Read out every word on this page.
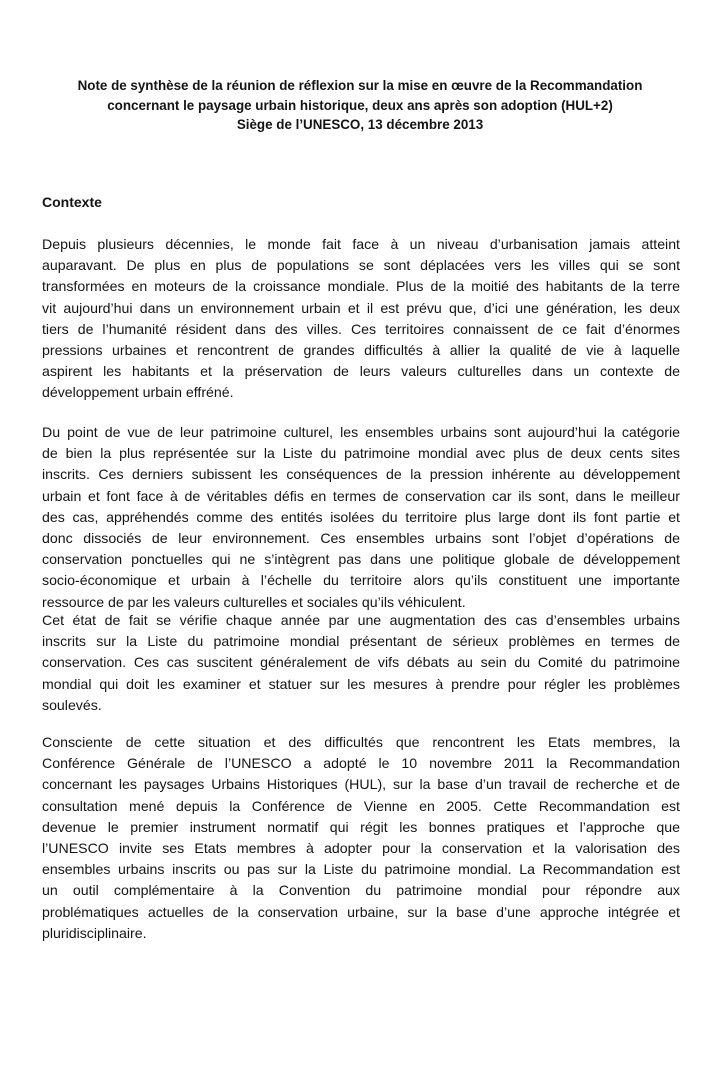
Note de synthèse de la réunion de réflexion sur la mise en œuvre de la Recommandation
concernant le paysage urbain historique, deux ans après son adoption (HUL+2)
Siège de l’UNESCO, 13 décembre 2013
Contexte

Depuis plusieurs décennies, le monde fait face à un niveau d’urbanisation jamais atteint
auparavant. De plus en plus de populations se sont déplacées vers les villes qui se sont
transformées en moteurs de la croissance mondiale. Plus de la moitié des habitants de la terre
vit aujourd’hui dans un environnement urbain et il est prévu que, d’ici une génération, les deux
tiers de l’humanité résident dans des villes. Ces territoires connaissent de ce fait d’énormes
pressions urbaines et rencontrent de grandes difficultés à allier la qualité de vie à laquelle
aspirent les habitants et la préservation de leurs valeurs culturelles dans un contexte de
développement urbain effréné.

Du point de vue de leur patrimoine culturel, les ensembles urbains sont aujourd’hui la catégorie
de bien la plus représentée sur la Liste du patrimoine mondial avec plus de deux cents sites
inscrits. Ces derniers subissent les conséquences de la pression inhérente au développement
urbain et font face à de véritables défis en termes de conservation car ils sont, dans le meilleur
des cas, appréhendés comme des entités isolées du territoire plus large dont ils font partie et
donc dissociés de leur environnement. Ces ensembles urbains sont l’objet d’opérations de
conservation ponctuelles qui ne s’intègrent pas dans une politique globale de développement
socio-économique et urbain à l’échelle du territoire alors qu’ils constituent une importante
ressource de par les valeurs culturelles et sociales qu’ils véhiculent.

Cet état de fait se vérifie chaque année par une augmentation des cas d’ensembles urbains
inscrits sur la Liste du patrimoine mondial présentant de sérieux problèmes en termes de
conservation. Ces cas suscitent généralement de vifs débats au sein du Comité du patrimoine
mondial qui doit les examiner et statuer sur les mesures à prendre pour régler les problèmes
soulevés.

Consciente de cette situation et des difficultés que rencontrent les Etats membres, la
Conférence Générale de l’UNESCO a adopté le 10 novembre 2011 la Recommandation
concernant les paysages Urbains Historiques (HUL), sur la base d’un travail de recherche et de
consultation mené depuis la Conférence de Vienne en 2005. Cette Recommandation est
devenue le premier instrument normatif qui régit les bonnes pratiques et l’approche que
l’UNESCO invite ses Etats membres à adopter pour la conservation et la valorisation des
ensembles urbains inscrits ou pas sur la Liste du patrimoine mondial. La Recommandation est
un outil complémentaire à la Convention du patrimoine mondial pour répondre aux
problématiques actuelles de la conservation urbaine, sur la base d’une approche intégrée et
pluridisciplinaire.
